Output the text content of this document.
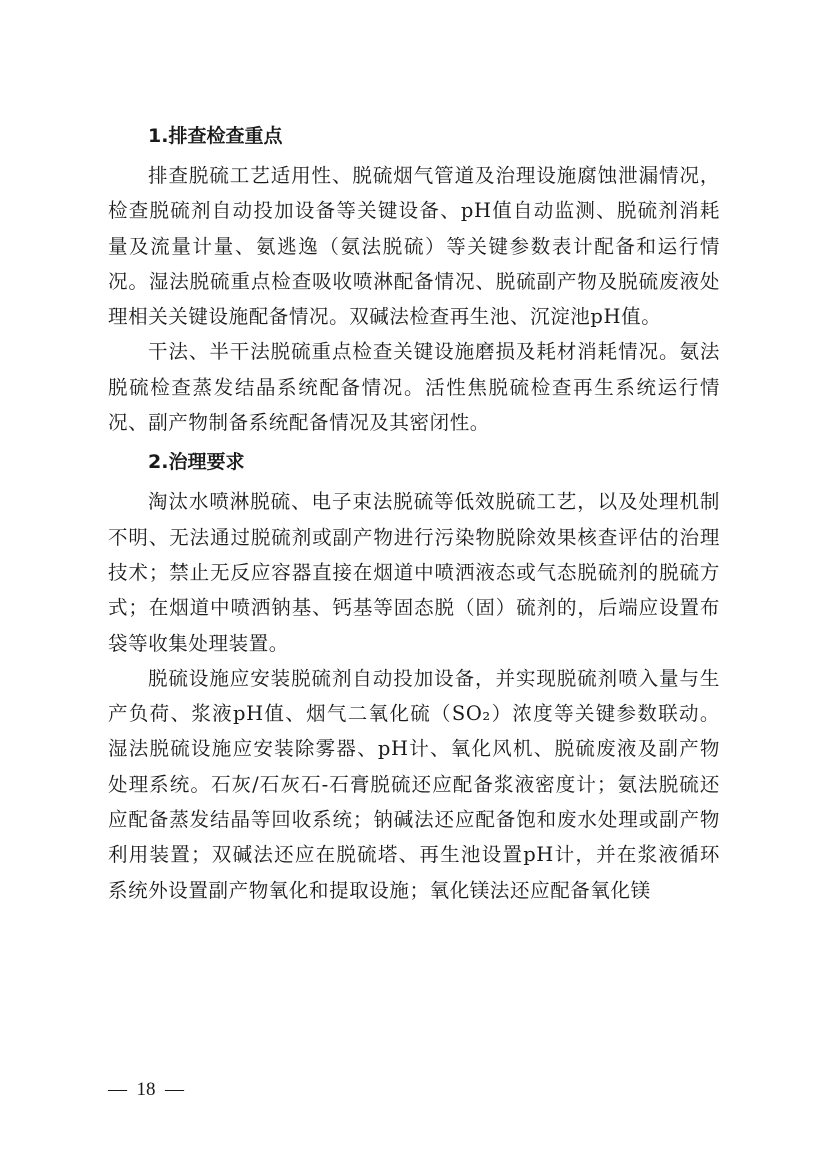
1.排查检查重点

排查脱硫工艺适用性、脱硫烟气管道及治理设施腐蚀泄漏情况，检查脱硫剂自动投加设备等关键设备、pH值自动监测、脱硫剂消耗量及流量计量、氨逃逸（氨法脱硫）等关键参数表计配备和运行情况。湿法脱硫重点检查吸收喷淋配备情况、脱硫副产物及脱硫废液处理相关关键设施配备情况。双碱法检查再生池、沉淀池pH值。

干法、半干法脱硫重点检查关键设施磨损及耗材消耗情况。氨法脱硫检查蒸发结晶系统配备情况。活性焦脱硫检查再生系统运行情况、副产物制备系统配备情况及其密闭性。

2.治理要求

淘汰水喷淋脱硫、电子束法脱硫等低效脱硫工艺，以及处理机制不明、无法通过脱硫剂或副产物进行污染物脱除效果核查评估的治理技术；禁止无反应容器直接在烟道中喷洒液态或气态脱硫剂的脱硫方式；在烟道中喷洒钠基、钙基等固态脱（固）硫剂的，后端应设置布袋等收集处理装置。

脱硫设施应安装脱硫剂自动投加设备，并实现脱硫剂喷入量与生产负荷、浆液pH值、烟气二氧化硫（SO₂）浓度等关键参数联动。湿法脱硫设施应安装除雾器、pH计、氧化风机、脱硫废液及副产物处理系统。石灰/石灰石-石膏脱硫还应配备浆液密度计；氨法脱硫还应配备蒸发结晶等回收系统；钠碱法还应配备饱和废水处理或副产物利用装置；双碱法还应在脱硫塔、再生池设置pH计，并在浆液循环系统外设置副产物氧化和提取设施；氧化镁法还应配备氧化镁

—  18  —
